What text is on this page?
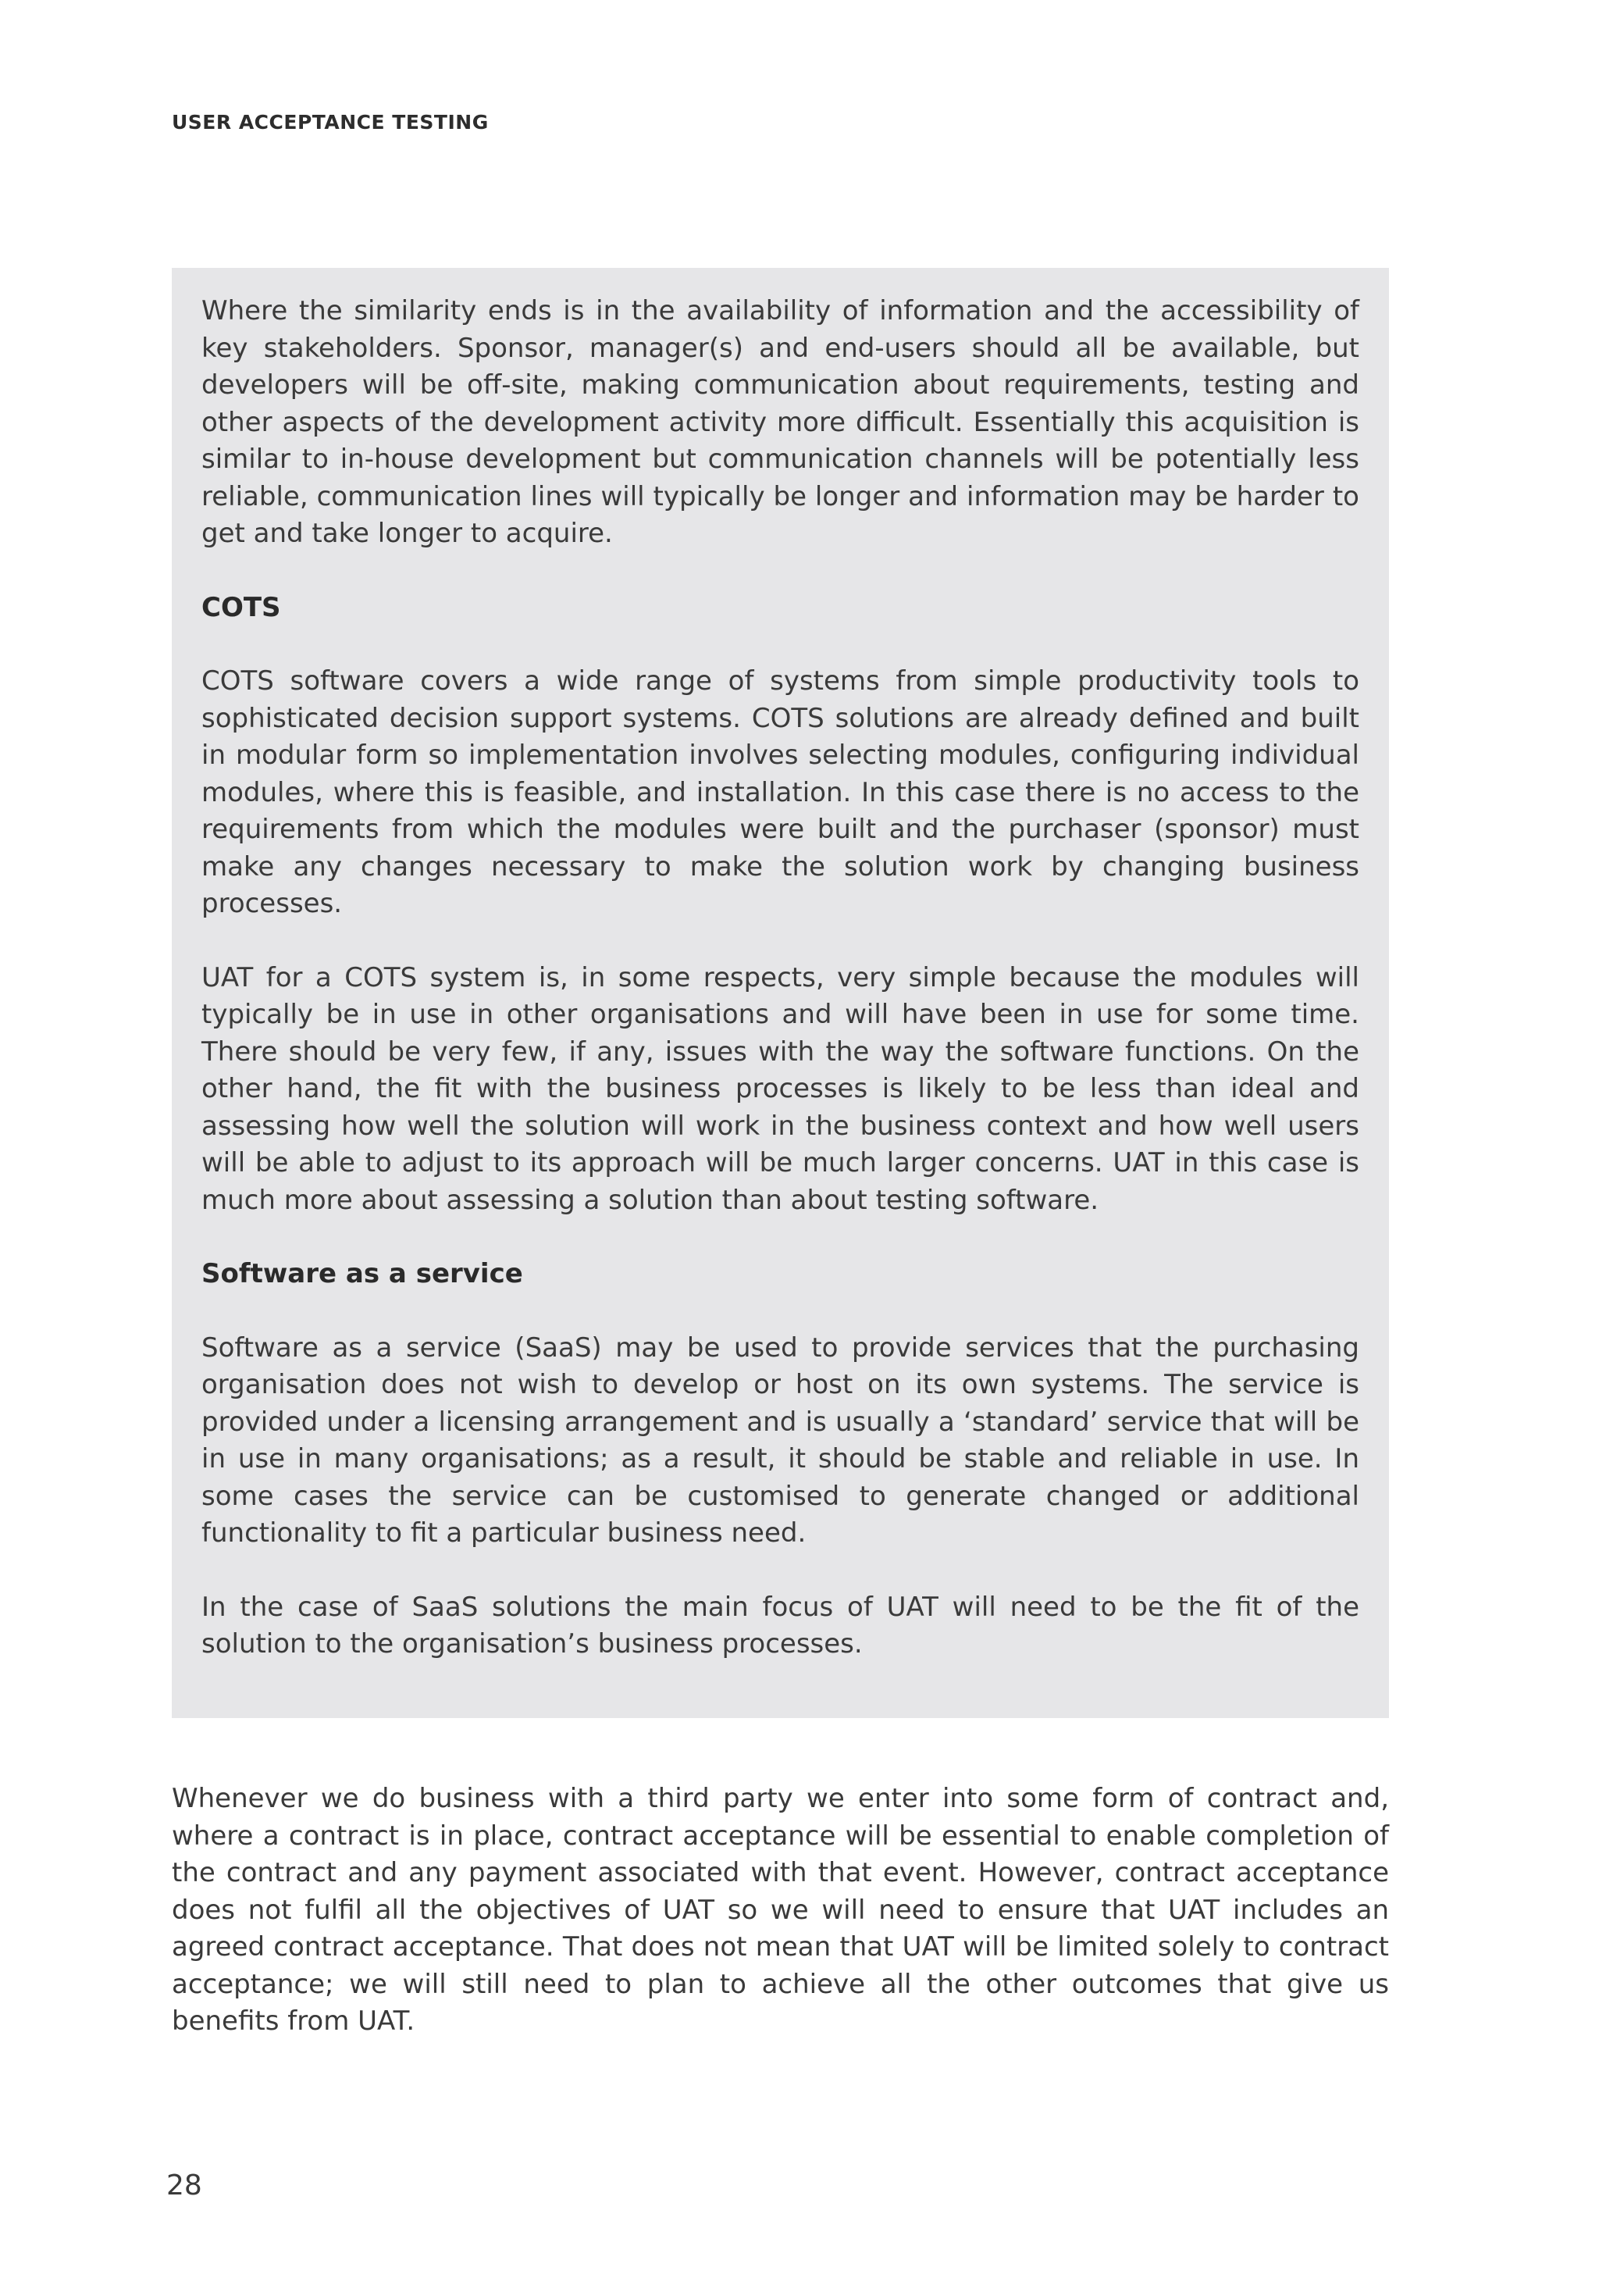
USER ACCEPTANCE TESTING

Where the similarity ends is in the availability of information and the accessibility of key stakeholders. Sponsor, manager(s) and end-users should all be available, but developers will be off-site, making communication about requirements, testing and other aspects of the development activity more difficult. Essentially this acquisition is similar to in-house development but communication channels will be potentially less reliable, communication lines will typically be longer and information may be harder to get and take longer to acquire.

COTS

COTS software covers a wide range of systems from simple productivity tools to sophisticated decision support systems. COTS solutions are already defined and built in modular form so implementation involves selecting modules, configuring individual modules, where this is feasible, and installation. In this case there is no access to the requirements from which the modules were built and the purchaser (sponsor) must make any changes necessary to make the solution work by changing business processes.

UAT for a COTS system is, in some respects, very simple because the modules will typically be in use in other organisations and will have been in use for some time. There should be very few, if any, issues with the way the software functions. On the other hand, the fit with the business processes is likely to be less than ideal and assessing how well the solution will work in the business context and how well users will be able to adjust to its approach will be much larger concerns. UAT in this case is much more about assessing a solution than about testing software.

Software as a service

Software as a service (SaaS) may be used to provide services that the purchasing organisation does not wish to develop or host on its own systems. The service is provided under a licensing arrangement and is usually a ‘standard’ service that will be in use in many organisations; as a result, it should be stable and reliable in use. In some cases the service can be customised to generate changed or additional functionality to fit a particular business need.

In the case of SaaS solutions the main focus of UAT will need to be the fit of the solution to the organisation’s business processes.

Whenever we do business with a third party we enter into some form of contract and, where a contract is in place, contract acceptance will be essential to enable completion of the contract and any payment associated with that event. However, contract acceptance does not fulfil all the objectives of UAT so we will need to ensure that UAT includes an agreed contract acceptance. That does not mean that UAT will be limited solely to contract acceptance; we will still need to plan to achieve all the other outcomes that give us benefits from UAT.

28
